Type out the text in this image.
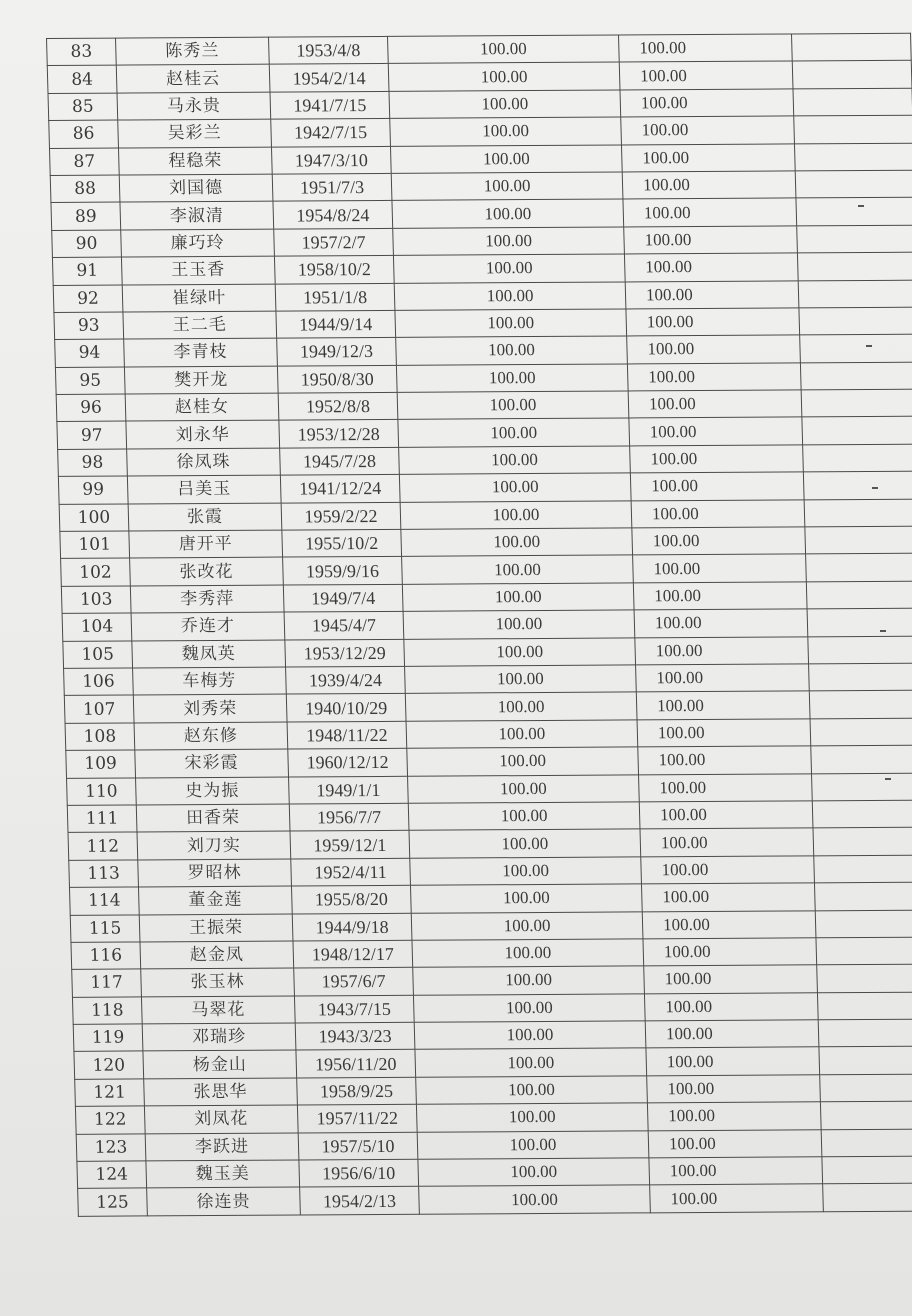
83	陈秀兰	1953/4/8	100.00	100.00	
84	赵桂云	1954/2/14	100.00	100.00	
85	马永贵	1941/7/15	100.00	100.00	
86	吴彩兰	1942/7/15	100.00	100.00	
87	程稳荣	1947/3/10	100.00	100.00	
88	刘国德	1951/7/3	100.00	100.00	
89	李淑清	1954/8/24	100.00	100.00	
90	廉巧玲	1957/2/7	100.00	100.00	
91	王玉香	1958/10/2	100.00	100.00	
92	崔绿叶	1951/1/8	100.00	100.00	
93	王二毛	1944/9/14	100.00	100.00	
94	李青枝	1949/12/3	100.00	100.00	
95	樊开龙	1950/8/30	100.00	100.00	
96	赵桂女	1952/8/8	100.00	100.00	
97	刘永华	1953/12/28	100.00	100.00	
98	徐凤珠	1945/7/28	100.00	100.00	
99	吕美玉	1941/12/24	100.00	100.00	
100	张霞	1959/2/22	100.00	100.00	
101	唐开平	1955/10/2	100.00	100.00	
102	张改花	1959/9/16	100.00	100.00	
103	李秀萍	1949/7/4	100.00	100.00	
104	乔连才	1945/4/7	100.00	100.00	
105	魏凤英	1953/12/29	100.00	100.00	
106	车梅芳	1939/4/24	100.00	100.00	
107	刘秀荣	1940/10/29	100.00	100.00	
108	赵东修	1948/11/22	100.00	100.00	
109	宋彩霞	1960/12/12	100.00	100.00	
110	史为振	1949/1/1	100.00	100.00	
111	田香荣	1956/7/7	100.00	100.00	
112	刘刀实	1959/12/1	100.00	100.00	
113	罗昭林	1952/4/11	100.00	100.00	
114	董金莲	1955/8/20	100.00	100.00	
115	王振荣	1944/9/18	100.00	100.00	
116	赵金凤	1948/12/17	100.00	100.00	
117	张玉林	1957/6/7	100.00	100.00	
118	马翠花	1943/7/15	100.00	100.00	
119	邓瑞珍	1943/3/23	100.00	100.00	
120	杨金山	1956/11/20	100.00	100.00	
121	张思华	1958/9/25	100.00	100.00	
122	刘凤花	1957/11/22	100.00	100.00	
123	李跃进	1957/5/10	100.00	100.00	
124	魏玉美	1956/6/10	100.00	100.00	
125	徐连贵	1954/2/13	100.00	100.00	
